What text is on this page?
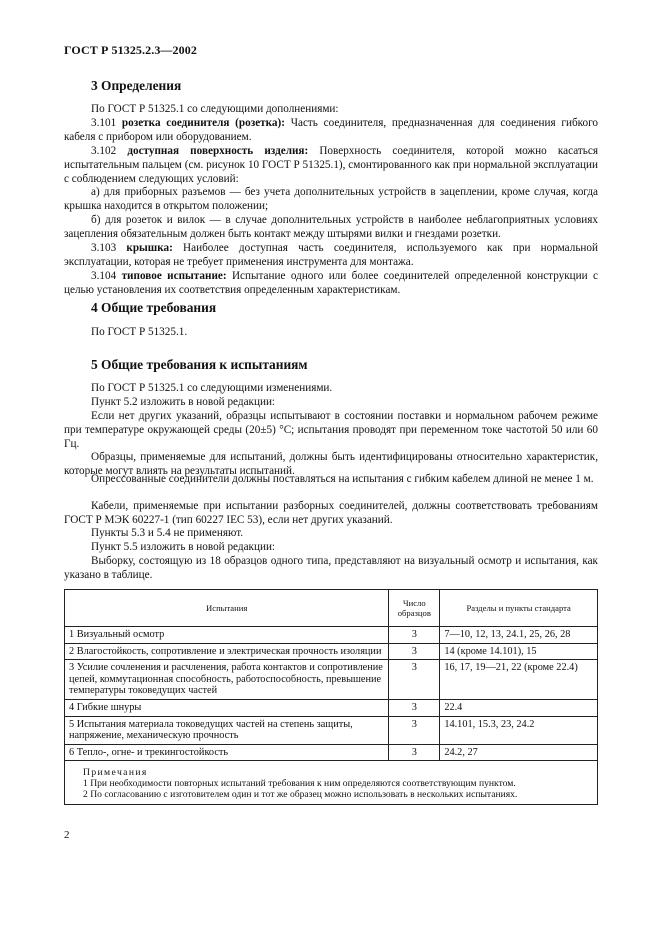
ГОСТ Р 51325.2.3—2002
3 Определения
По ГОСТ Р 51325.1 со следующими дополнениями:
3.101 розетка соединителя (розетка): Часть соединителя, предназначенная для соединения гибкого кабеля с прибором или оборудованием.
3.102 доступная поверхность изделия: Поверхность соединителя, которой можно касаться испытательным пальцем (см. рисунок 10 ГОСТ Р 51325.1), смонтированного как при нормальной эксплуатации с соблюдением следующих условий:
а) для приборных разъемов — без учета дополнительных устройств в зацеплении, кроме случая, когда крышка находится в открытом положении;
б) для розеток и вилок — в случае дополнительных устройств в наиболее неблагоприятных условиях зацепления обязательным должен быть контакт между штырями вилки и гнездами розетки.
3.103 крышка: Наиболее доступная часть соединителя, используемого как при нормальной эксплуатации, которая не требует применения инструмента для монтажа.
3.104 типовое испытание: Испытание одного или более соединителей определенной конструкции с целью установления их соответствия определенным характеристикам.
4 Общие требования
По ГОСТ Р 51325.1.
5 Общие требования к испытаниям
По ГОСТ Р 51325.1 со следующими изменениями.
Пункт 5.2 изложить в новой редакции:
Если нет других указаний, образцы испытывают в состоянии поставки и нормальном рабочем режиме при температуре окружающей среды (20±5) °С; испытания проводят при переменном токе частотой 50 или 60 Гц.
Образцы, применяемые для испытаний, должны быть идентифицированы относительно характеристик, которые могут влиять на результаты испытаний.
Опрессованные соединители должны поставляться на испытания с гибким кабелем длиной не менее 1 м.
Кабели, применяемые при испытании разборных соединителей, должны соответствовать требованиям ГОСТ Р МЭК 60227-1 (тип 60227 IEC 53), если нет других указаний.
Пункты 5.3 и 5.4 не применяют.
Пункт 5.5 изложить в новой редакции:
Выборку, состоящую из 18 образцов одного типа, представляют на визуальный осмотр и испытания, как указано в таблице.
Испытания	Число образцов	Разделы и пункты стандарта
1 Визуальный осмотр	3	7—10, 12, 13, 24.1, 25, 26, 28
2 Влагостойкость, сопротивление и электрическая прочность изоляции	3	14 (кроме 14.101), 15
3 Усилие сочленения и расчленения, работа контактов и сопротивление цепей, коммутационная способность, работоспособность, превышение температуры токоведущих частей	3	16, 17, 19—21, 22 (кроме 22.4)
4 Гибкие шнуры	3	22.4
5 Испытания материала токоведущих частей на степень защиты, напряжение, механическую прочность	3	14.101, 15.3, 23, 24.2
6 Тепло-, огне- и трекингостойкость	3	24.2, 27

Примечания
1 При необходимости повторных испытаний требования к ним определяются соответствующим пунктом.
2 По согласованию с изготовителем один и тот же образец можно использовать в нескольких испытаниях.		
2
